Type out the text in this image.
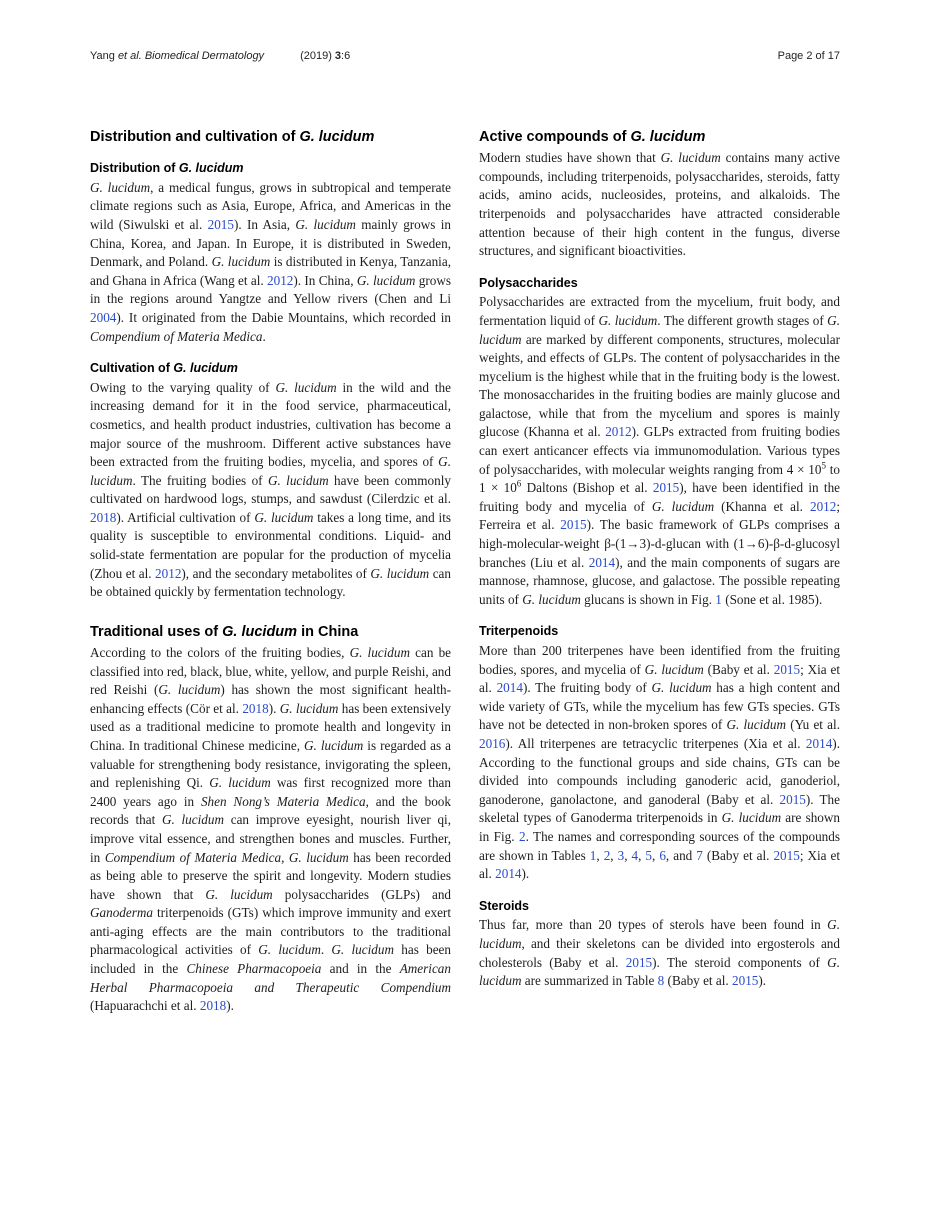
Yang et al. Biomedical Dermatology	(2019) 3:6	Page 2 of 17
Distribution and cultivation of G. lucidum
Distribution of G. lucidum

G. lucidum, a medical fungus, grows in subtropical and temperate climate regions such as Asia, Europe, Africa, and Americas in the wild (Siwulski et al. 2015). In Asia, G. lucidum mainly grows in China, Korea, and Japan. In Europe, it is distributed in Sweden, Denmark, and Poland. G. lucidum is distributed in Kenya, Tanzania, and Ghana in Africa (Wang et al. 2012). In China, G. lucidum grows in the regions around Yangtze and Yellow rivers (Chen and Li 2004). It originated from the Dabie Mountains, which recorded in Compendium of Materia Medica.

Cultivation of G. lucidum

Owing to the varying quality of G. lucidum in the wild and the increasing demand for it in the food service, pharmaceutical, cosmetics, and health product industries, cultivation has become a major source of the mushroom. Different active substances have been extracted from the fruiting bodies, mycelia, and spores of G. lucidum. The fruiting bodies of G. lucidum have been commonly cultivated on hardwood logs, stumps, and sawdust (Cilerdzic et al. 2018). Artificial cultivation of G. lucidum takes a long time, and its quality is susceptible to environmental conditions. Liquid- and solid-state fermentation are popular for the production of mycelia (Zhou et al. 2012), and the secondary metabolites of G. lucidum can be obtained quickly by fermentation technology.

Traditional uses of G. lucidum in China

According to the colors of the fruiting bodies, G. lucidum can be classified into red, black, blue, white, yellow, and purple Reishi, and red Reishi (G. lucidum) has shown the most significant health-enhancing effects (Cör et al. 2018). G. lucidum has been extensively used as a traditional medicine to promote health and longevity in China. In traditional Chinese medicine, G. lucidum is regarded as a valuable for strengthening body resistance, invigorating the spleen, and replenishing Qi. G. lucidum was first recognized more than 2400 years ago in Shen Nong’s Materia Medica, and the book records that G. lucidum can improve eyesight, nourish liver qi, improve vital essence, and strengthen bones and muscles. Further, in Compendium of Materia Medica, G. lucidum has been recorded as being able to preserve the spirit and longevity. Modern studies have shown that G. lucidum polysaccharides (GLPs) and Ganoderma triterpenoids (GTs) which improve immunity and exert anti-aging effects are the main contributors to the traditional pharmacological activities of G. lucidum. G. lucidum has been included in the Chinese Pharmacopoeia and in the American Herbal Pharmacopoeia and Therapeutic Compendium (Hapuarachchi et al. 2018).

Active compounds of G. lucidum

Modern studies have shown that G. lucidum contains many active compounds, including triterpenoids, polysaccharides, steroids, fatty acids, amino acids, nucleosides, proteins, and alkaloids. The triterpenoids and polysaccharides have attracted considerable attention because of their high content in the fungus, diverse structures, and significant bioactivities.

Polysaccharides

Polysaccharides are extracted from the mycelium, fruit body, and fermentation liquid of G. lucidum. The different growth stages of G. lucidum are marked by different components, structures, molecular weights, and effects of GLPs. The content of polysaccharides in the mycelium is the highest while that in the fruiting body is the lowest. The monosaccharides in the fruiting bodies are mainly glucose and galactose, while that from the mycelium and spores is mainly glucose (Khanna et al. 2012). GLPs extracted from fruiting bodies can exert anticancer effects via immunomodulation. Various types of polysaccharides, with molecular weights ranging from $4 \times 10^5$ to $1 \times 10^6$ Daltons (Bishop et al. 2015), have been identified in the fruiting body and mycelia of G. lucidum (Khanna et al. 2012; Ferreira et al. 2015). The basic framework of GLPs comprises a high-molecular-weight β-(1→3)-d-glucan with (1→6)-β-d-glucosyl branches (Liu et al. 2014), and the main components of sugars are mannose, rhamnose, glucose, and galactose. The possible repeating units of G. lucidum glucans is shown in Fig. 1 (Sone et al. 1985).

Triterpenoids

More than 200 triterpenes have been identified from the fruiting bodies, spores, and mycelia of G. lucidum (Baby et al. 2015; Xia et al. 2014). The fruiting body of G. lucidum has a high content and wide variety of GTs, while the mycelium has few GTs species. GTs have not be detected in non-broken spores of G. lucidum (Yu et al. 2016). All triterpenes are tetracyclic triterpenes (Xia et al. 2014). According to the functional groups and side chains, GTs can be divided into compounds including ganoderic acid, ganoderiol, ganoderone, ganolactone, and ganoderal (Baby et al. 2015). The skeletal types of Ganoderma triterpenoids in G. lucidum are shown in Fig. 2. The names and corresponding sources of the compounds are shown in Tables 1, 2, 3, 4, 5, 6, and 7 (Baby et al. 2015; Xia et al. 2014).

Steroids

Thus far, more than 20 types of sterols have been found in G. lucidum, and their skeletons can be divided into ergosterols and cholesterols (Baby et al. 2015). The steroid components of G. lucidum are summarized in Table 8 (Baby et al. 2015).
